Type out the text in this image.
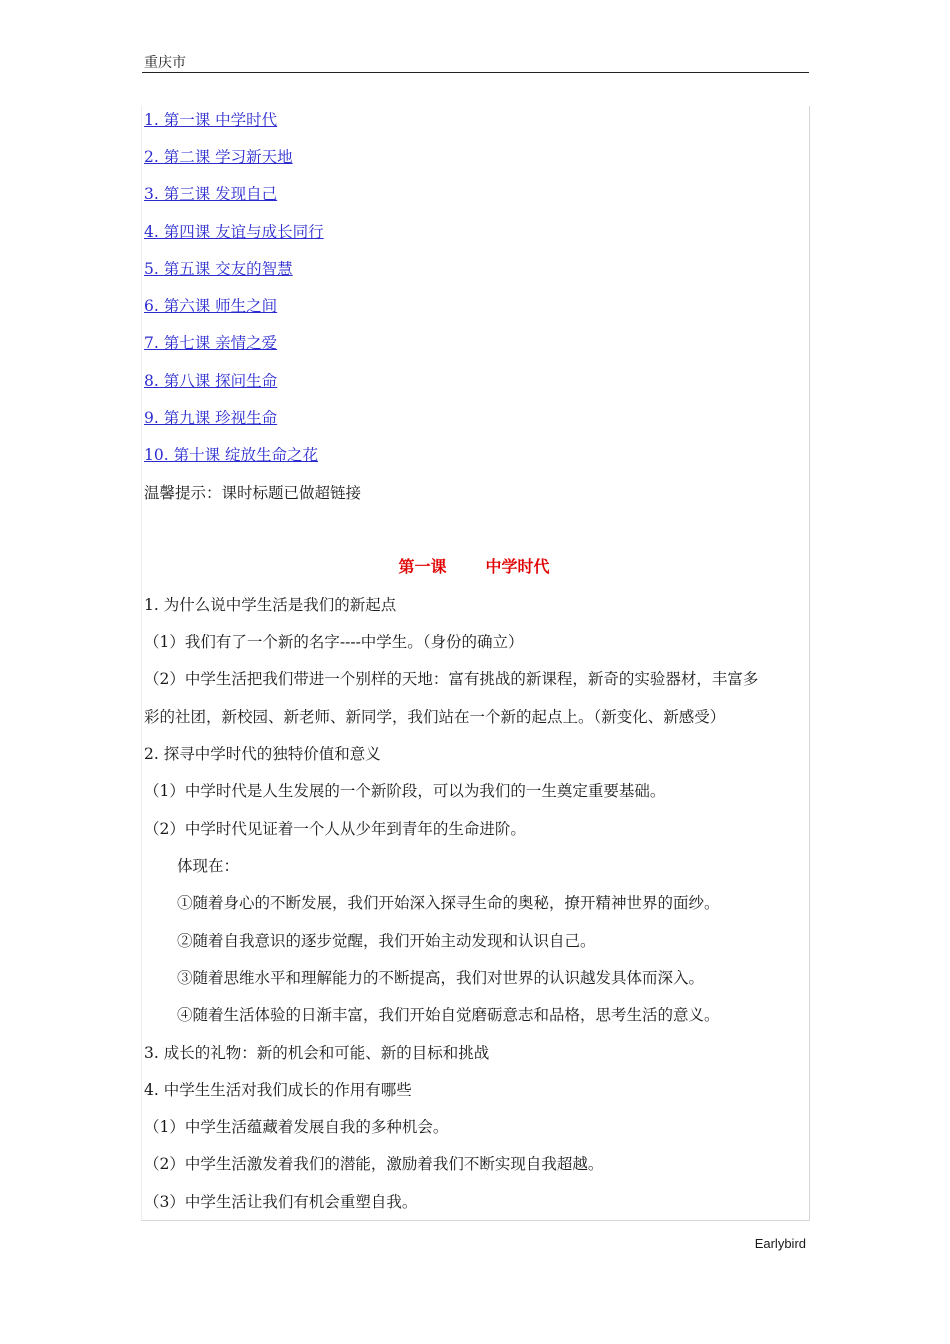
重庆市
1. 第一课 中学时代
2. 第二课 学习新天地
3. 第三课 发现自己
4. 第四课 友谊与成长同行
5. 第五课 交友的智慧
6. 第六课 师生之间
7. 第七课 亲情之爱
8. 第八课 探问生命
9. 第九课 珍视生命
10. 第十课 绽放生命之花
温馨提示：课时标题已做超链接
第一课       中学时代
1. 为什么说中学生活是我们的新起点
（1）我们有了一个新的名字----中学生。（身份的确立）
（2）中学生活把我们带进一个别样的天地：富有挑战的新课程，新奇的实验器材，丰富多
彩的社团，新校园、新老师、新同学，我们站在一个新的起点上。（新变化、新感受）
2. 探寻中学时代的独特价值和意义
（1）中学时代是人生发展的一个新阶段，可以为我们的一生奠定重要基础。
（2）中学时代见证着一个人从少年到青年的生命进阶。
体现在：
①随着身心的不断发展，我们开始深入探寻生命的奥秘，撩开精神世界的面纱。
②随着自我意识的逐步觉醒，我们开始主动发现和认识自己。
③随着思维水平和理解能力的不断提高，我们对世界的认识越发具体而深入。
④随着生活体验的日渐丰富，我们开始自觉磨砺意志和品格，思考生活的意义。
3. 成长的礼物：新的机会和可能、新的目标和挑战
4. 中学生生活对我们成长的作用有哪些
（1）中学生活蕴藏着发展自我的多种机会。
（2）中学生活激发着我们的潜能，激励着我们不断实现自我超越。
（3）中学生活让我们有机会重塑自我。
Earlybird
